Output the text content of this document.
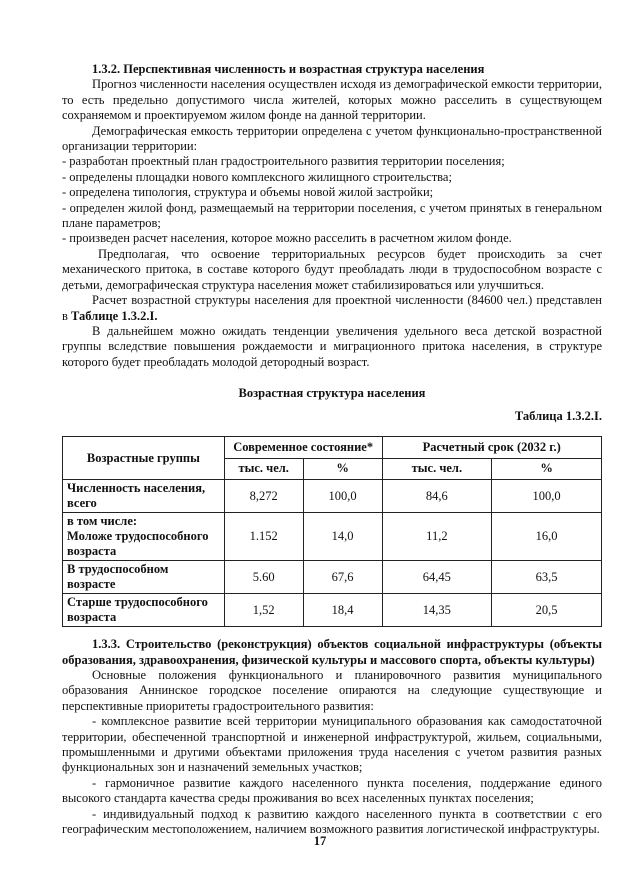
1.3.2. Перспективная численность и возрастная структура населения

Прогноз численности населения осуществлен исходя из демографической емкости территории, то есть предельно допустимого числа жителей, которых можно расселить в существующем сохраняемом и проектируемом жилом фонде на данной территории.

Демографическая емкость территории определена с учетом функционально-пространственной организации территории:

- разработан проектный план градостроительного развития территории поселения;

- определены площадки нового комплексного жилищного строительства;

- определена типология, структура и объемы новой жилой застройки;

- определен жилой фонд, размещаемый на территории поселения, с учетом принятых в генеральном плане параметров;

- произведен расчет населения, которое можно расселить в расчетном жилом фонде.

Предполагая, что освоение территориальных ресурсов будет происходить за счет механического притока, в составе которого будут преобладать люди в трудоспособном возрасте с детьми, демографическая структура населения может стабилизироваться или улучшиться.

Расчет возрастной структуры населения для проектной численности (84600 чел.) представлен в Таблице 1.3.2.I.

В дальнейшем можно ожидать тенденции увеличения удельного веса детской возрастной группы вследствие повышения рождаемости и миграционного притока населения, в структуре которого будет преобладать молодой детородный возраст.

Возрастная структура населения
Таблица 1.3.2.I.
Возрастные группы	Современное состояние*		Расчетный срок (2032 г.)	
	тыс. чел.	%	тыс. чел.	%
Численность населения, всего	8,272	100,0	84,6	100,0

в том числе:
Моложе трудоспособного возраста	1.152	14,0	11,2	16,0
В трудоспособном возрасте	5.60	67,6	64,45	63,5
Старше трудоспособного возраста	1,52	18,4	14,35	20,5

1.3.3. Строительство (реконструкция) объектов социальной инфраструктуры (объекты образования, здравоохранения, физической культуры и массового спорта, объекты культуры)

Основные положения функционального и планировочного развития муниципального образования Аннинское городское поселение опираются на следующие существующие и перспективные приоритеты градостроительного развития:

- комплексное развитие всей территории муниципального образования как самодостаточной территории, обеспеченной транспортной и инженерной инфраструктурой, жильем, социальными, промышленными и другими объектами приложения труда населения с учетом развития разных функциональных зон и назначений земельных участков;

- гармоничное развитие каждого населенного пункта поселения, поддержание единого высокого стандарта качества среды проживания во всех населенных пунктах поселения;

- индивидуальный подход к развитию каждого населенного пункта в соответствии с его географическим местоположением, наличием возможного развития логистической инфраструктуры.

17
